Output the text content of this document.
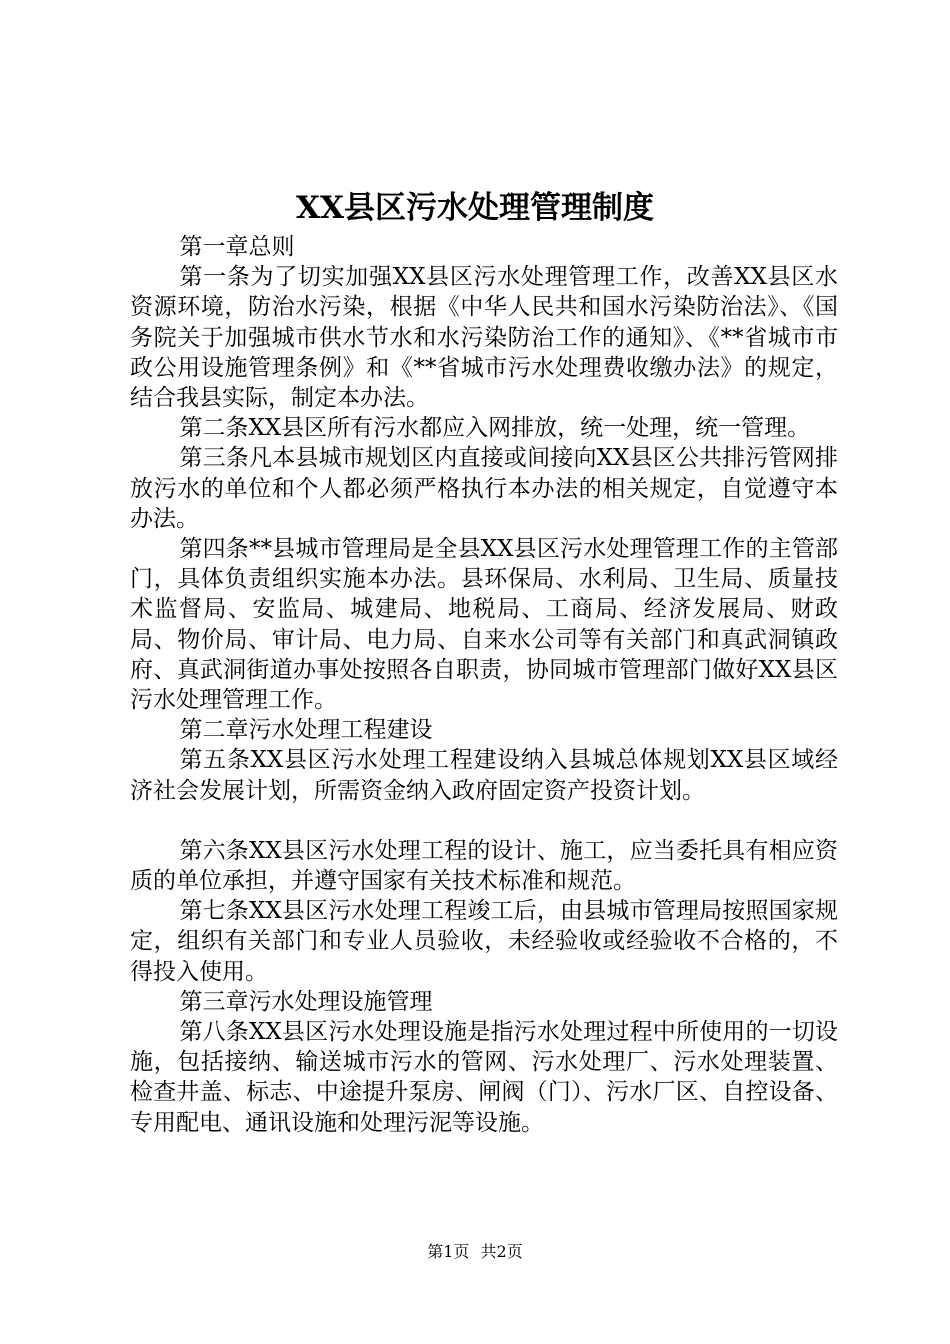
XX县区污水处理管理制度

第一章总则

第一条为了切实加强XX县区污水处理管理工作，改善XX县区水资源环境，防治水污染，根据《中华人民共和国水污染防治法》、《国务院关于加强城市供水节水和水污染防治工作的通知》、《**省城市市政公用设施管理条例》和《**省城市污水处理费收缴办法》的规定，结合我县实际，制定本办法。

第二条XX县区所有污水都应入网排放，统一处理，统一管理。

第三条凡本县城市规划区内直接或间接向XX县区公共排污管网排放污水的单位和个人都必须严格执行本办法的相关规定，自觉遵守本办法。

第四条**县城市管理局是全县XX县区污水处理管理工作的主管部门，具体负责组织实施本办法。县环保局、水利局、卫生局、质量技术监督局、安监局、城建局、地税局、工商局、经济发展局、财政局、物价局、审计局、电力局、自来水公司等有关部门和真武洞镇政府、真武洞街道办事处按照各自职责，协同城市管理部门做好XX县区污水处理管理工作。

第二章污水处理工程建设

第五条XX县区污水处理工程建设纳入县城总体规划XX县区域经济社会发展计划，所需资金纳入政府固定资产投资计划。

第六条XX县区污水处理工程的设计、施工，应当委托具有相应资质的单位承担，并遵守国家有关技术标准和规范。

第七条XX县区污水处理工程竣工后，由县城市管理局按照国家规定，组织有关部门和专业人员验收，未经验收或经验收不合格的，不得投入使用。

第三章污水处理设施管理

第八条XX县区污水处理设施是指污水处理过程中所使用的一切设施，包括接纳、输送城市污水的管网、污水处理厂、污水处理装置、检查井盖、标志、中途提升泵房、闸阀（门）、污水厂区、自控设备、专用配电、通讯设施和处理污泥等设施。

第1页 共2页
